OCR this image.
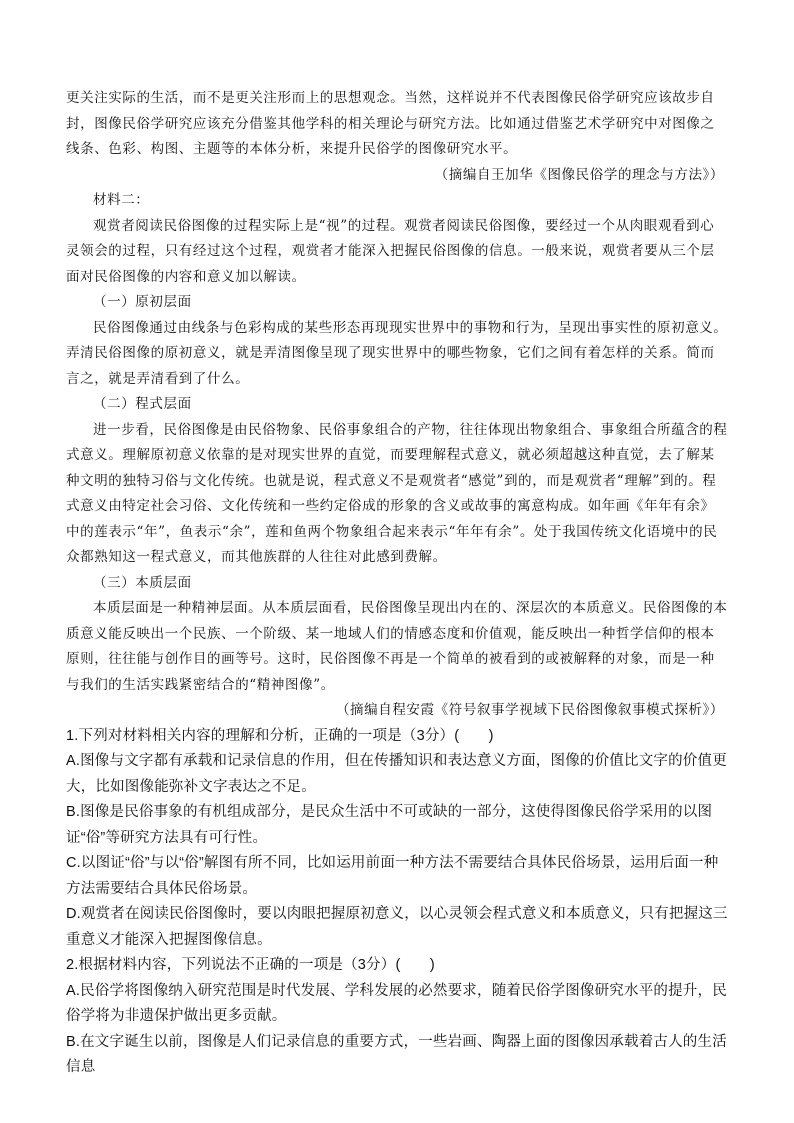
更关注实际的生活，而不是更关注形而上的思想观念。当然，这样说并不代表图像民俗学研究应该故步自封，图像民俗学研究应该充分借鉴其他学科的相关理论与研究方法。比如通过借鉴艺术学研究中对图像之线条、色彩、构图、主题等的本体分析，来提升民俗学的图像研究水平。

（摘编自王加华《图像民俗学的理念与方法》）

材料二：

观赏者阅读民俗图像的过程实际上是“视”的过程。观赏者阅读民俗图像，要经过一个从肉眼观看到心灵领会的过程，只有经过这个过程，观赏者才能深入把握民俗图像的信息。一般来说，观赏者要从三个层面对民俗图像的内容和意义加以解读。

（一）原初层面

民俗图像通过由线条与色彩构成的某些形态再现现实世界中的事物和行为，呈现出事实性的原初意义。弄清民俗图像的原初意义，就是弄清图像呈现了现实世界中的哪些物象，它们之间有着怎样的关系。简而言之，就是弄清看到了什么。

（二）程式层面

进一步看，民俗图像是由民俗物象、民俗事象组合的产物，往往体现出物象组合、事象组合所蕴含的程式意义。理解原初意义依靠的是对现实世界的直觉，而要理解程式意义，就必须超越这种直觉，去了解某种文明的独特习俗与文化传统。也就是说，程式意义不是观赏者“感觉”到的，而是观赏者“理解”到的。程式意义由特定社会习俗、文化传统和一些约定俗成的形象的含义或故事的寓意构成。如年画《年年有余》中的莲表示“年”，鱼表示“余”，莲和鱼两个物象组合起来表示“年年有余”。处于我国传统文化语境中的民众都熟知这一程式意义，而其他族群的人往往对此感到费解。

（三）本质层面

本质层面是一种精神层面。从本质层面看，民俗图像呈现出内在的、深层次的本质意义。民俗图像的本质意义能反映出一个民族、一个阶级、某一地域人们的情感态度和价值观，能反映出一种哲学信仰的根本原则，往往能与创作目的画等号。这时，民俗图像不再是一个简单的被看到的或被解释的对象，而是一种与我们的生活实践紧密结合的“精神图像”。

（摘编自程安霞《符号叙事学视域下民俗图像叙事模式探析》）

1.下列对材料相关内容的理解和分析，正确的一项是（3分）(　　)

A.图像与文字都有承载和记录信息的作用，但在传播知识和表达意义方面，图像的价值比文字的价值更大，比如图像能弥补文字表达之不足。

B.图像是民俗事象的有机组成部分，是民众生活中不可或缺的一部分，这使得图像民俗学采用的以图证“俗”等研究方法具有可行性。

C.以图证“俗”与以“俗”解图有所不同，比如运用前面一种方法不需要结合具体民俗场景，运用后面一种方法需要结合具体民俗场景。

D.观赏者在阅读民俗图像时，要以肉眼把握原初意义，以心灵领会程式意义和本质意义，只有把握这三重意义才能深入把握图像信息。

2.根据材料内容，下列说法不正确的一项是（3分）(　　)

A.民俗学将图像纳入研究范围是时代发展、学科发展的必然要求，随着民俗学图像研究水平的提升，民俗学将为非遗保护做出更多贡献。

B.在文字诞生以前，图像是人们记录信息的重要方式，一些岩画、陶器上面的图像因承载着古人的生活信息
